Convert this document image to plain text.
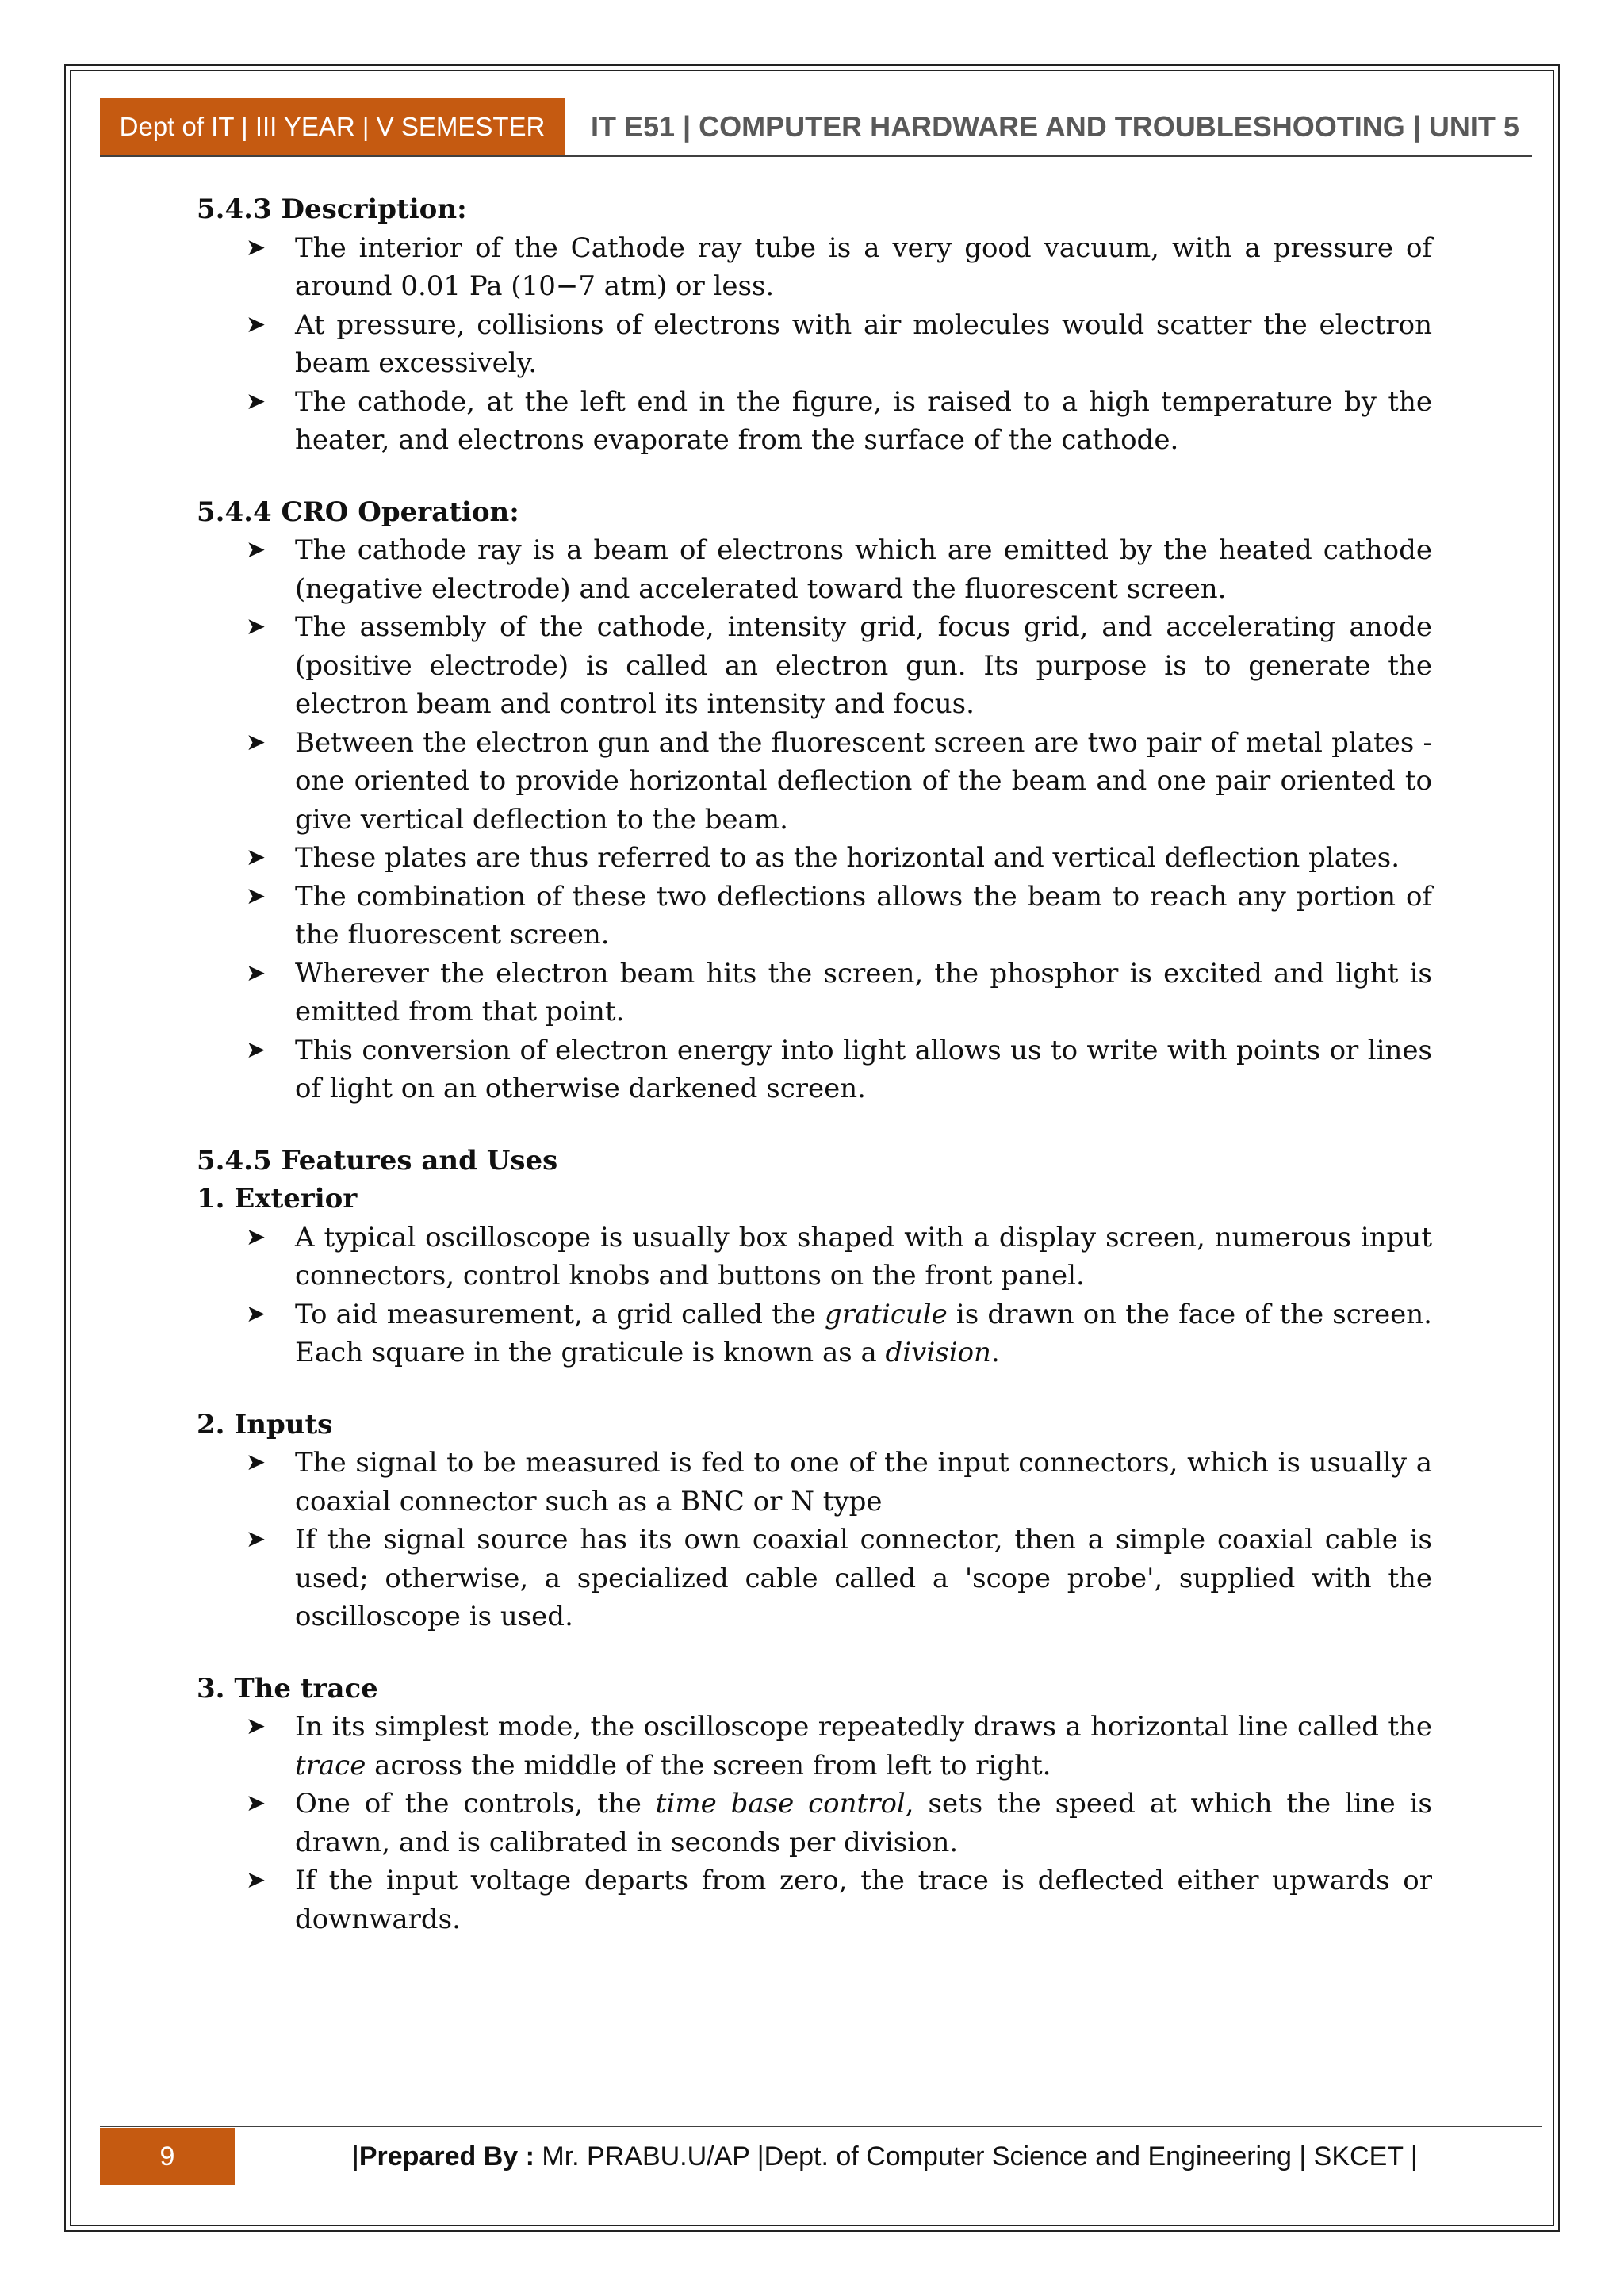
Dept of IT | III YEAR | V SEMESTER	IT E51 | COMPUTER HARDWARE AND TROUBLESHOOTING | UNIT 5

5.4.3 Description:

➤ The interior of the Cathode ray tube is a very good vacuum, with a pressure of around 0.01 Pa (10−7 atm) or less.
➤ At pressure, collisions of electrons with air molecules would scatter the electron beam excessively.
➤ The cathode, at the left end in the figure, is raised to a high temperature by the heater, and electrons evaporate from the surface of the cathode.

5.4.4 CRO Operation:

➤ The cathode ray is a beam of electrons which are emitted by the heated cathode (negative electrode) and accelerated toward the fluorescent screen.
➤ The assembly of the cathode, intensity grid, focus grid, and accelerating anode (positive electrode) is called an electron gun. Its purpose is to generate the electron beam and control its intensity and focus.
➤ Between the electron gun and the fluorescent screen are two pair of metal plates - one oriented to provide horizontal deflection of the beam and one pair oriented to give vertical deflection to the beam.
➤ These plates are thus referred to as the horizontal and vertical deflection plates.
➤ The combination of these two deflections allows the beam to reach any portion of the fluorescent screen.
➤ Wherever the electron beam hits the screen, the phosphor is excited and light is emitted from that point.
➤ This conversion of electron energy into light allows us to write with points or lines of light on an otherwise darkened screen.

5.4.5 Features and Uses

1. Exterior

➤ A typical oscilloscope is usually box shaped with a display screen, numerous input connectors, control knobs and buttons on the front panel.
➤ To aid measurement, a grid called the graticule is drawn on the face of the screen. Each square in the graticule is known as a division.

2. Inputs

➤ The signal to be measured is fed to one of the input connectors, which is usually a coaxial connector such as a BNC or N type
➤ If the signal source has its own coaxial connector, then a simple coaxial cable is used; otherwise, a specialized cable called a 'scope probe', supplied with the oscilloscope is used.

3. The trace

➤ In its simplest mode, the oscilloscope repeatedly draws a horizontal line called the trace across the middle of the screen from left to right.
➤ One of the controls, the time base control, sets the speed at which the line is drawn, and is calibrated in seconds per division.
➤ If the input voltage departs from zero, the trace is deflected either upwards or downwards.
9	|Prepared By : Mr. PRABU.U/AP |Dept. of Computer Science and Engineering | SKCET |
